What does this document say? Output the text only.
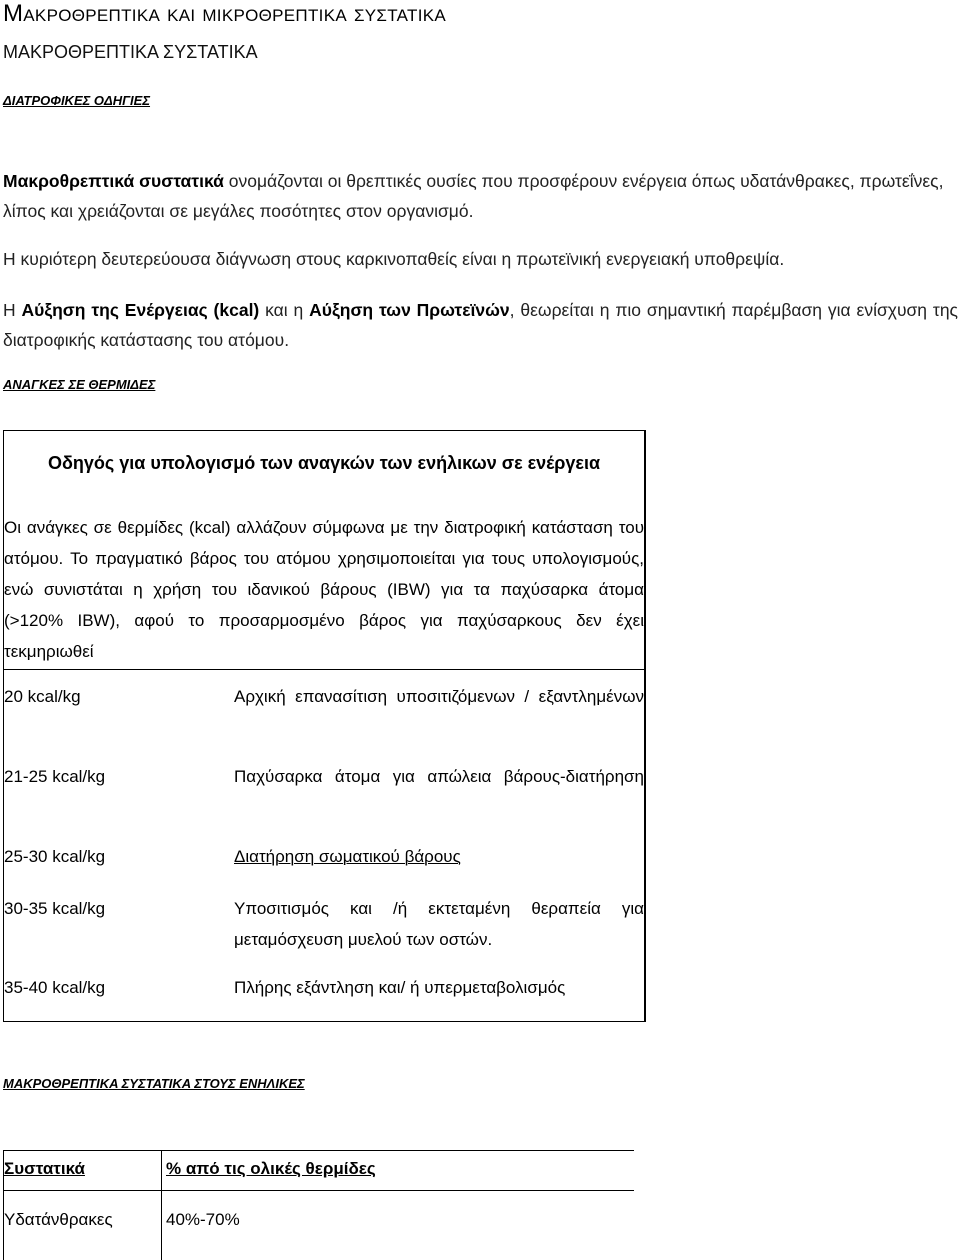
Μακροθρεπτικα και μικροθρεπτικα συστατικα
ΜΑΚΡΟΘΡΕΠΤΙΚΑ ΣΥΣΤΑΤΙΚΑ
ΔΙΑΤΡΟΦΙΚΕΣ ΟΔΗΓΙΕΣ
Μακροθρεπτικά συστατικά ονομάζονται οι θρεπτικές ουσίες που προσφέρουν ενέργεια όπως υδατάνθρακες, πρωτεΐνες, λίπος και χρειάζονται σε μεγάλες ποσότητες στον οργανισμό.
Η κυριότερη δευτερεύουσα διάγνωση στους καρκινοπαθείς είναι η πρωτεϊνική ενεργειακή υποθρεψία.
Η Αύξηση της Ενέργειας (kcal) και η Αύξηση των Πρωτεϊνών, θεωρείται η πιο σημαντική παρέμβαση για ενίσχυση της διατροφικής κατάστασης του ατόμου.
ΑΝΑΓΚΕΣ ΣΕ ΘΕΡΜΙΔΕΣ
Οδηγός για υπολογισμό των αναγκών των ενήλικων σε ενέργεια
Οι ανάγκες σε θερμίδες (kcal) αλλάζουν σύμφωνα με την διατροφική κατάσταση του ατόμου. Το πραγματικό βάρος του ατόμου χρησιμοποιείται για τους υπολογισμούς, ενώ συνιστάται η χρήση του ιδανικού βάρους (IBW) για τα παχύσαρκα άτομα (>120% IBW), αφού το προσαρμοσμένο βάρος για παχύσαρκους δεν έχει τεκμηριωθεί
20 kcal/kg	Αρχική επανασίτιση υποσιτιζόμενων / εξαντλημένων
21-25 kcal/kg	Παχύσαρκα άτομα για απώλεια βάρους-διατήρηση
25-30 kcal/kg	Διατήρηση σωματικού βάρους
30-35 kcal/kg	Υποσιτισμός και /ή εκτεταμένη θεραπεία για μεταμόσχευση μυελού των οστών.
35-40 kcal/kg	Πλήρης εξάντληση και/ ή υπερμεταβολισμός
ΜΑΚΡΟΘΡΕΠΤΙΚΑ ΣΥΣΤΑΤΙΚΑ ΣΤΟΥΣ ΕΝΗΛΙΚΕΣ
Συστατικά	% από τις ολικές θερμίδες
Υδατάνθρακες	40%-70%
